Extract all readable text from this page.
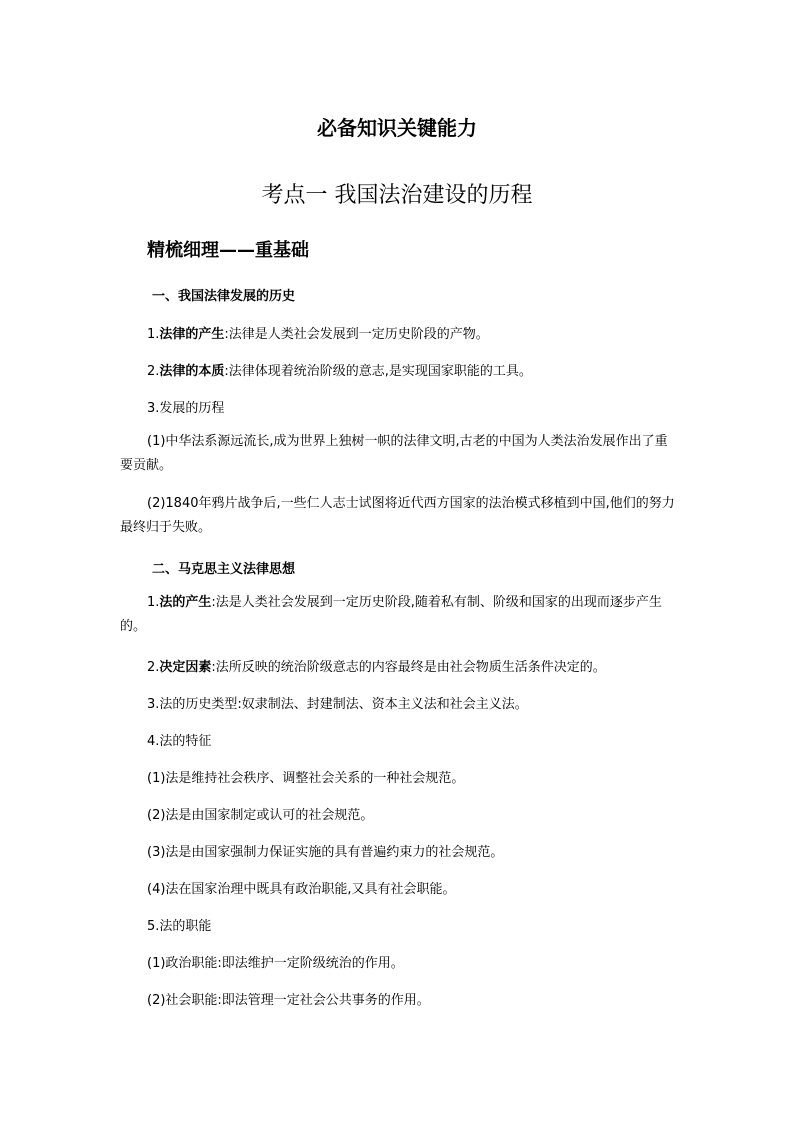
必备知识关键能力
考点一 我国法治建设的历程
精梳细理——重基础
一、我国法律发展的历史
1.法律的产生:法律是人类社会发展到一定历史阶段的产物。
2.法律的本质:法律体现着统治阶级的意志,是实现国家职能的工具。
3.发展的历程
(1)中华法系源远流长,成为世界上独树一帜的法律文明,古老的中国为人类法治发展作出了重要贡献。
(2)1840年鸦片战争后,一些仁人志士试图将近代西方国家的法治模式移植到中国,他们的努力最终归于失败。
二、马克思主义法律思想
1.法的产生:法是人类社会发展到一定历史阶段,随着私有制、阶级和国家的出现而逐步产生的。
2.决定因素:法所反映的统治阶级意志的内容最终是由社会物质生活条件决定的。
3.法的历史类型:奴隶制法、封建制法、资本主义法和社会主义法。
4.法的特征
(1)法是维持社会秩序、调整社会关系的一种社会规范。
(2)法是由国家制定或认可的社会规范。
(3)法是由国家强制力保证实施的具有普遍约束力的社会规范。
(4)法在国家治理中既具有政治职能,又具有社会职能。
5.法的职能
(1)政治职能:即法维护一定阶级统治的作用。
(2)社会职能:即法管理一定社会公共事务的作用。
